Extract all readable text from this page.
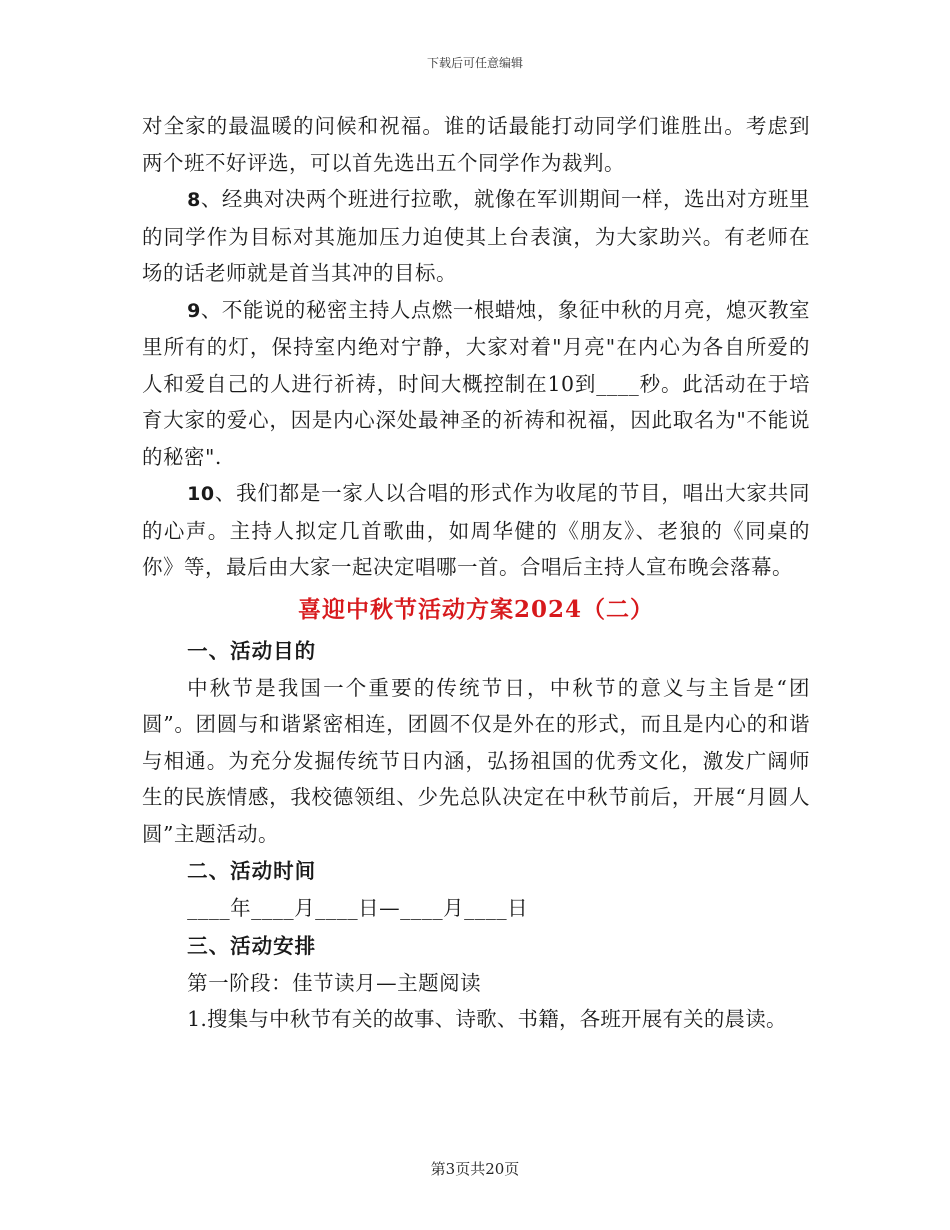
下载后可任意编辑

对全家的最温暖的问候和祝福。谁的话最能打动同学们谁胜出。考虑到两个班不好评选，可以首先选出五个同学作为裁判。

8、经典对决两个班进行拉歌，就像在军训期间一样，选出对方班里的同学作为目标对其施加压力迫使其上台表演，为大家助兴。有老师在场的话老师就是首当其冲的目标。

9、不能说的秘密主持人点燃一根蜡烛，象征中秋的月亮，熄灭教室里所有的灯，保持室内绝对宁静，大家对着"月亮"在内心为各自所爱的人和爱自己的人进行祈祷，时间大概控制在10到____秒。此活动在于培育大家的爱心，因是内心深处最神圣的祈祷和祝福，因此取名为"不能说的秘密".

10、我们都是一家人以合唱的形式作为收尾的节目，唱出大家共同的心声。主持人拟定几首歌曲，如周华健的《朋友》、老狼的《同桌的你》等，最后由大家一起决定唱哪一首。合唱后主持人宣布晚会落幕。

喜迎中秋节活动方案2024（二）
一、活动目的

中秋节是我国一个重要的传统节日，中秋节的意义与主旨是“团圆”。团圆与和谐紧密相连，团圆不仅是外在的形式，而且是内心的和谐与相通。为充分发掘传统节日内涵，弘扬祖国的优秀文化，激发广阔师生的民族情感，我校德领组、少先总队决定在中秋节前后，开展“月圆人圆”主题活动。

二、活动时间

____年____月____日—____月____日

三、活动安排

第一阶段：佳节读月—主题阅读

1.搜集与中秋节有关的故事、诗歌、书籍，各班开展有关的晨读。

第3页共20页
